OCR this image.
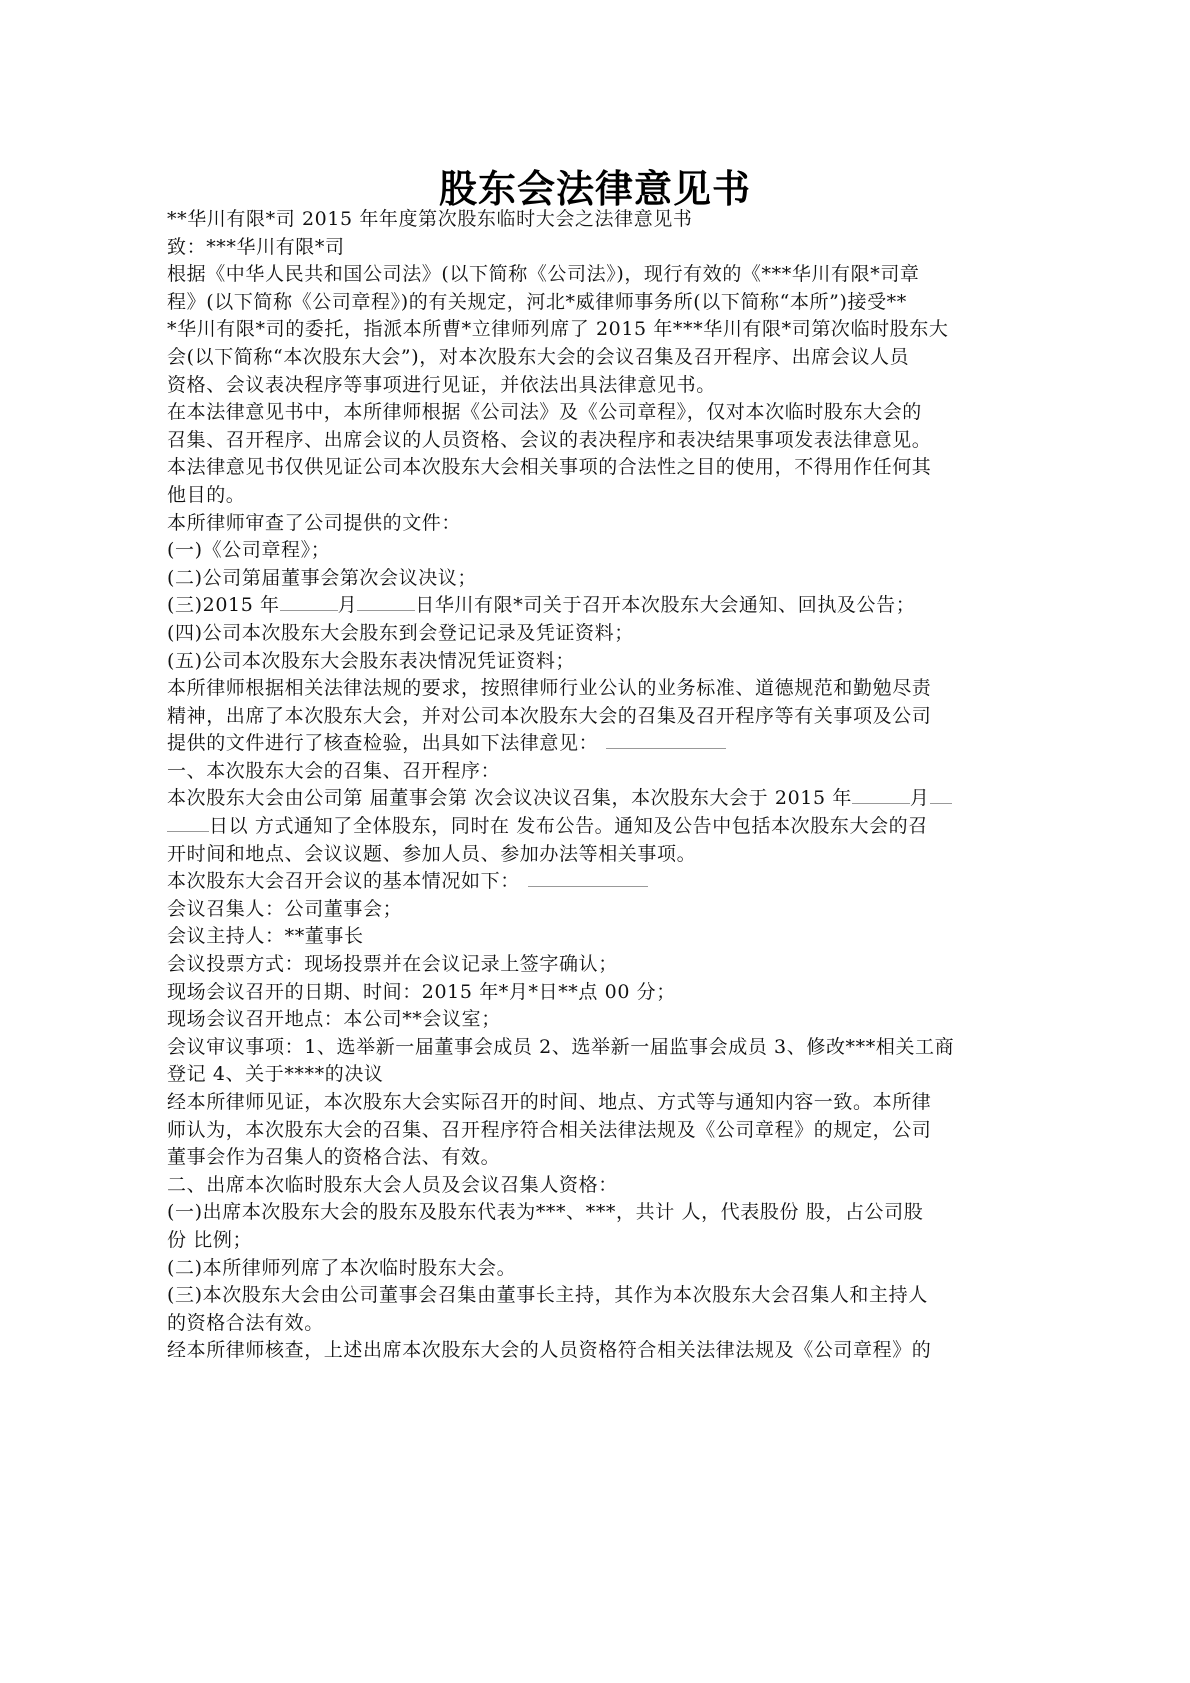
股东会法律意见书
**华川有限*司 2015 年年度第次股东临时大会之法律意见书
致：***华川有限*司
根据《中华人民共和国公司法》(以下简称《公司法》)，现行有效的《***华川有限*司章
程》(以下简称《公司章程》)的有关规定，河北*威律师事务所(以下简称“本所”)接受**
*华川有限*司的委托，指派本所曹*立律师列席了 2015 年***华川有限*司第次临时股东大
会(以下简称“本次股东大会”)，对本次股东大会的会议召集及召开程序、出席会议人员
资格、会议表决程序等事项进行见证，并依法出具法律意见书。
在本法律意见书中，本所律师根据《公司法》及《公司章程》，仅对本次临时股东大会的
召集、召开程序、出席会议的人员资格、会议的表决程序和表决结果事项发表法律意见。
本法律意见书仅供见证公司本次股东大会相关事项的合法性之目的使用，不得用作任何其
他目的。
本所律师审查了公司提供的文件：
(一)《公司章程》；
(二)公司第届董事会第次会议决议；
(三)2015 年	月	日华川有限*司关于召开本次股东大会通知、回执及公告；
(四)公司本次股东大会股东到会登记记录及凭证资料；
(五)公司本次股东大会股东表决情况凭证资料；
本所律师根据相关法律法规的要求，按照律师行业公认的业务标准、道德规范和勤勉尽责
精神，出席了本次股东大会，并对公司本次股东大会的召集及召开程序等有关事项及公司
提供的文件进行了核查检验，出具如下法律意见：
一、本次股东大会的召集、召开程序：
本次股东大会由公司第 届董事会第 次会议决议召集，本次股东大会于 2015 年	月
日以 方式通知了全体股东，同时在 发布公告。通知及公告中包括本次股东大会的召
开时间和地点、会议议题、参加人员、参加办法等相关事项。
本次股东大会召开会议的基本情况如下：
会议召集人：公司董事会；
会议主持人：**董事长
会议投票方式：现场投票并在会议记录上签字确认；
现场会议召开的日期、时间：2015 年*月*日**点 00 分；
现场会议召开地点：本公司**会议室；
会议审议事项：1、选举新一届董事会成员 2、选举新一届监事会成员 3、修改***相关工商
登记 4、关于****的决议
经本所律师见证，本次股东大会实际召开的时间、地点、方式等与通知内容一致。本所律
师认为，本次股东大会的召集、召开程序符合相关法律法规及《公司章程》的规定，公司
董事会作为召集人的资格合法、有效。
二、出席本次临时股东大会人员及会议召集人资格：
(一)出席本次股东大会的股东及股东代表为***、***，共计 人，代表股份 股，占公司股
份 比例；
(二)本所律师列席了本次临时股东大会。
(三)本次股东大会由公司董事会召集由董事长主持，其作为本次股东大会召集人和主持人
的资格合法有效。
经本所律师核查，上述出席本次股东大会的人员资格符合相关法律法规及《公司章程》的
